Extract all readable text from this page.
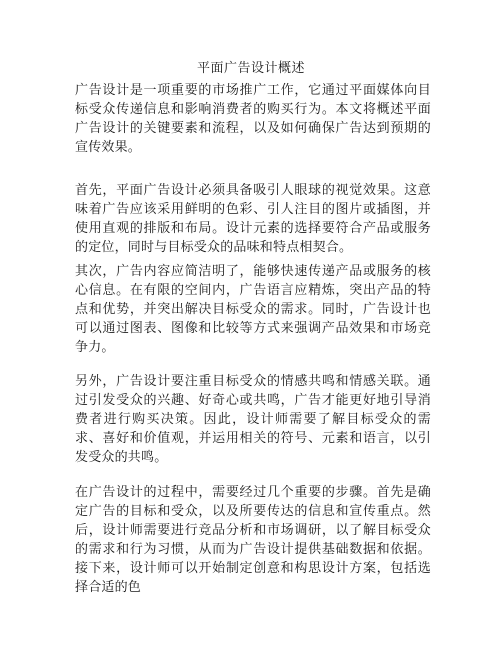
平面广告设计概述

广告设计是一项重要的市场推广工作，它通过平面媒体向目标受众传递信息和影响消费者的购买行为。本文将概述平面广告设计的关键要素和流程，以及如何确保广告达到预期的宣传效果。

首先，平面广告设计必须具备吸引人眼球的视觉效果。这意味着广告应该采用鲜明的色彩、引人注目的图片或插图，并使用直观的排版和布局。设计元素的选择要符合产品或服务的定位，同时与目标受众的品味和特点相契合。

其次，广告内容应简洁明了，能够快速传递产品或服务的核心信息。在有限的空间内，广告语言应精炼，突出产品的特点和优势，并突出解决目标受众的需求。同时，广告设计也可以通过图表、图像和比较等方式来强调产品效果和市场竞争力。

另外，广告设计要注重目标受众的情感共鸣和情感关联。通过引发受众的兴趣、好奇心或共鸣，广告才能更好地引导消费者进行购买决策。因此，设计师需要了解目标受众的需求、喜好和价值观，并运用相关的符号、元素和语言，以引发受众的共鸣。

在广告设计的过程中，需要经过几个重要的步骤。首先是确定广告的目标和受众，以及所要传达的信息和宣传重点。然后，设计师需要进行竞品分析和市场调研，以了解目标受众的需求和行为习惯，从而为广告设计提供基础数据和依据。接下来，设计师可以开始制定创意和构思设计方案，包括选择合适的色
